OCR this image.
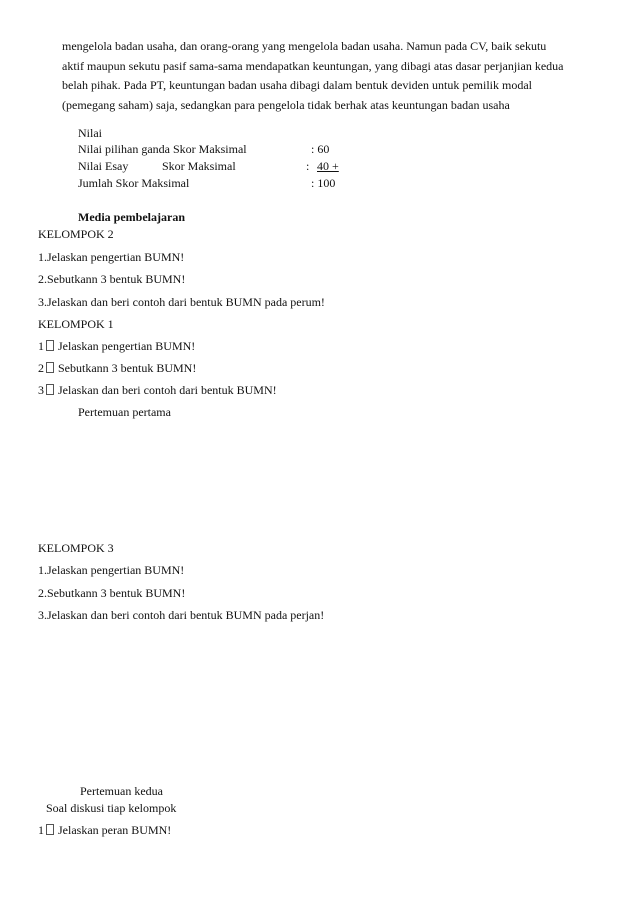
mengelola badan usaha, dan orang-orang yang mengelola badan usaha. Namun pada CV, baik sekutu
aktif maupun sekutu pasif sama-sama mendapatkan keuntungan, yang dibagi atas dasar perjanjian kedua
belah pihak. Pada PT, keuntungan badan usaha dibagi dalam bentuk deviden untuk pemilik modal
(pemegang saham) saja, sedangkan para pengelola tidak berhak atas keuntungan badan usaha
Nilai
Nilai pilihan ganda Skor Maksimal	: 60
Nilai Esay	Skor Maksimal	: 40 +
Jumlah Skor Maksimal	: 100
Media pembelajaran
KELOMPOK 2
1.Jelaskan pengertian BUMN!
2.Sebutkann 3 bentuk BUMN!
3.Jelaskan dan beri contoh dari bentuk BUMN pada perum!
KELOMPOK 1
1 Jelaskan pengertian BUMN!
2 Sebutkann 3 bentuk BUMN!
3 Jelaskan dan beri contoh dari bentuk BUMN!
Pertemuan pertama
KELOMPOK 3
1.Jelaskan pengertian BUMN!
2.Sebutkann 3 bentuk BUMN!
3.Jelaskan dan beri contoh dari bentuk BUMN pada perjan!
Pertemuan kedua
Soal diskusi tiap kelompok
1 Jelaskan peran BUMN!
